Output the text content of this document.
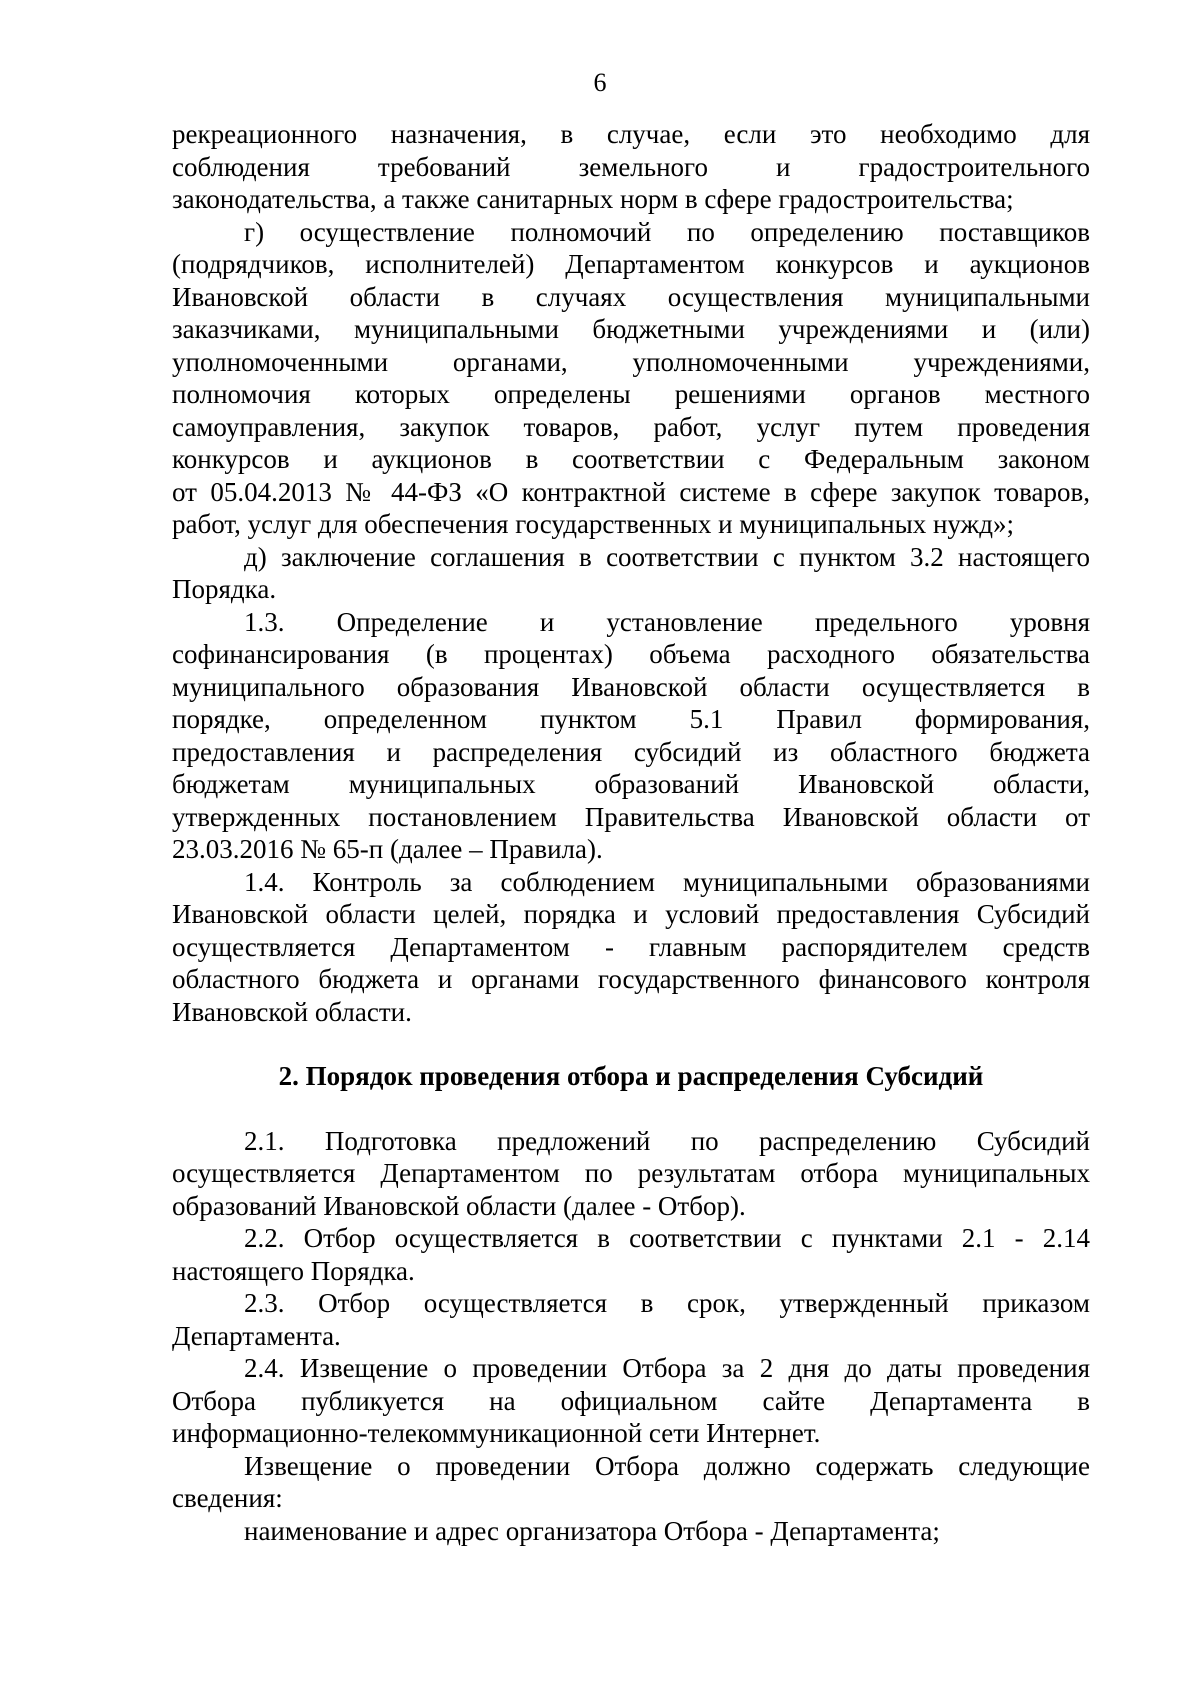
6
рекреационного назначения, в случае, если это необходимо для
соблюдения требований земельного и градостроительного
законодательства, а также санитарных норм в сфере градостроительства;
г) осуществление полномочий по определению поставщиков
(подрядчиков, исполнителей) Департаментом конкурсов и аукционов
Ивановской области в случаях осуществления муниципальными
заказчиками, муниципальными бюджетными учреждениями и (или)
уполномоченными органами, уполномоченными учреждениями,
полномочия которых определены решениями органов местного
самоуправления, закупок товаров, работ, услуг путем проведения
конкурсов и аукционов в соответствии с Федеральным законом
от 05.04.2013 № 44-ФЗ «О контрактной системе в сфере закупок товаров,
работ, услуг для обеспечения государственных и муниципальных нужд»;
д) заключение соглашения в соответствии с пунктом 3.2 настоящего
Порядка.
1.3. Определение и установление предельного уровня
софинансирования (в процентах) объема расходного обязательства
муниципального образования Ивановской области осуществляется в
порядке, определенном пунктом 5.1 Правил формирования,
предоставления и распределения субсидий из областного бюджета
бюджетам муниципальных образований Ивановской области,
утвержденных постановлением Правительства Ивановской области от
23.03.2016 № 65-п (далее – Правила).
1.4. Контроль за соблюдением муниципальными образованиями
Ивановской области целей, порядка и условий предоставления Субсидий
осуществляется Департаментом - главным распорядителем средств
областного бюджета и органами государственного финансового контроля
Ивановской области.
2. Порядок проведения отбора и распределения Субсидий
2.1. Подготовка предложений по распределению Субсидий
осуществляется Департаментом по результатам отбора муниципальных
образований Ивановской области (далее - Отбор).
2.2. Отбор осуществляется в соответствии с пунктами 2.1 - 2.14
настоящего Порядка.
2.3. Отбор осуществляется в срок, утвержденный приказом
Департамента.
2.4. Извещение о проведении Отбора за 2 дня до даты проведения
Отбора публикуется на официальном сайте Департамента в
информационно-телекоммуникационной сети Интернет.
Извещение о проведении Отбора должно содержать следующие
сведения:
наименование и адрес организатора Отбора - Департамента;
